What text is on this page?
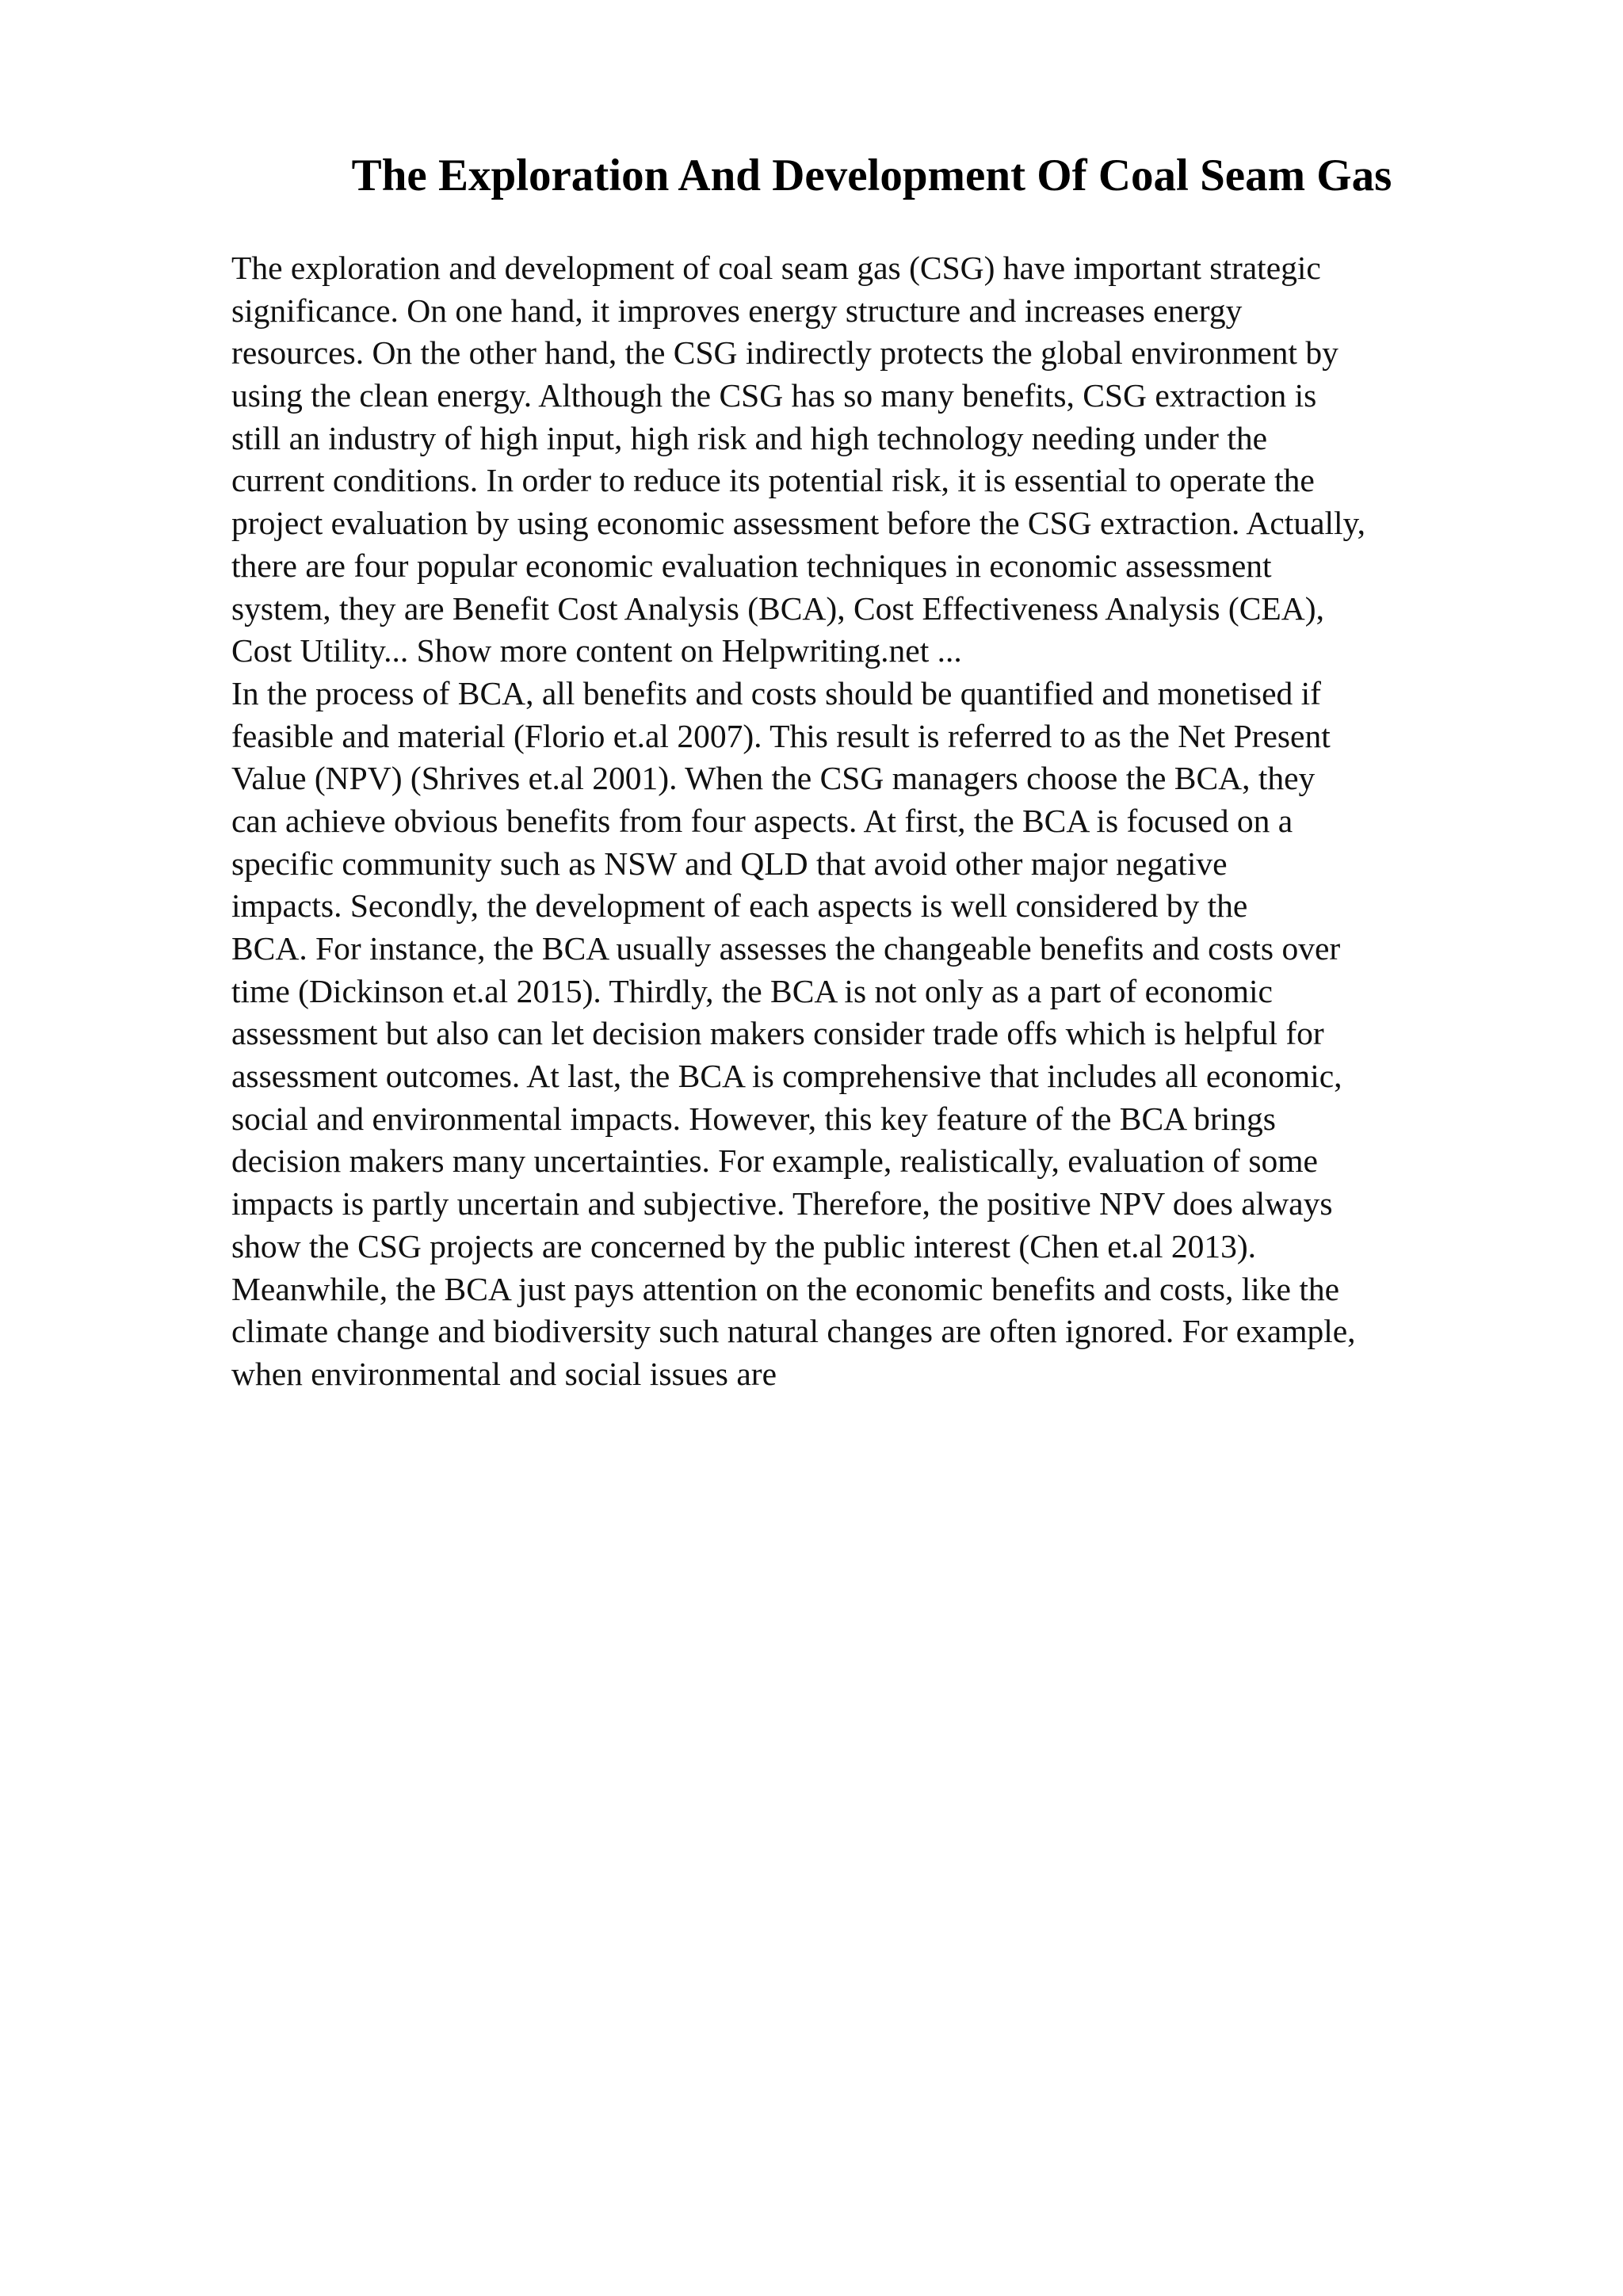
The Exploration And Development Of Coal Seam Gas
The exploration and development of coal seam gas (CSG) have important strategic
significance. On one hand, it improves energy structure and increases energy
resources. On the other hand, the CSG indirectly protects the global environment by
using the clean energy. Although the CSG has so many benefits, CSG extraction is
still an industry of high input, high risk and high technology needing under the
current conditions. In order to reduce its potential risk, it is essential to operate the
project evaluation by using economic assessment before the CSG extraction. Actually,
there are four popular economic evaluation techniques in economic assessment
system, they are Benefit Cost Analysis (BCA), Cost Effectiveness Analysis (CEA),
Cost Utility... Show more content on Helpwriting.net ...
In the process of BCA, all benefits and costs should be quantified and monetised if
feasible and material (Florio et.al 2007). This result is referred to as the Net Present
Value (NPV) (Shrives et.al 2001). When the CSG managers choose the BCA, they
can achieve obvious benefits from four aspects. At first, the BCA is focused on a
specific community such as NSW and QLD that avoid other major negative
impacts. Secondly, the development of each aspects is well considered by the
BCA. For instance, the BCA usually assesses the changeable benefits and costs over
time (Dickinson et.al 2015). Thirdly, the BCA is not only as a part of economic
assessment but also can let decision makers consider trade offs which is helpful for
assessment outcomes. At last, the BCA is comprehensive that includes all economic,
social and environmental impacts. However, this key feature of the BCA brings
decision makers many uncertainties. For example, realistically, evaluation of some
impacts is partly uncertain and subjective. Therefore, the positive NPV does always
show the CSG projects are concerned by the public interest (Chen et.al 2013).
Meanwhile, the BCA just pays attention on the economic benefits and costs, like the
climate change and biodiversity such natural changes are often ignored. For example,
when environmental and social issues are
